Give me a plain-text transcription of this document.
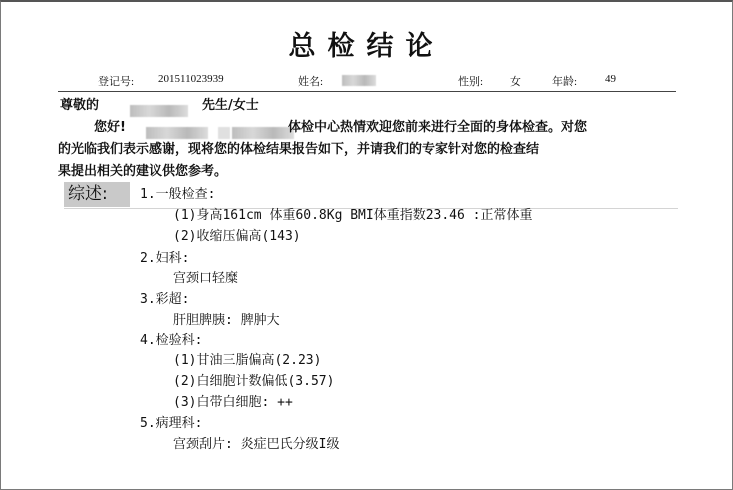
总检结论
登记号: 201511023939	姓名:	性别: 女	年龄:	49
尊敬的	先生/女士
您好!	体检中心热情欢迎您前来进行全面的身体检查。对您
的光临我们表示感谢，现将您的体检结果报告如下，并请我们的专家针对您的检查结
果提出相关的建议供您参考。
综述:	1.一般检查:
(1)身高161cm 体重60.8Kg BMI体重指数23.46 :正常体重
(2)收缩压偏高(143)
2.妇科:
宫颈口轻糜
3.彩超:
肝胆脾胰: 脾肿大
4.检验科:
(1)甘油三脂偏高(2.23)
(2)白细胞计数偏低(3.57)
(3)白带白细胞: ++
5.病理科:
宫颈刮片: 炎症巴氏分级I级
